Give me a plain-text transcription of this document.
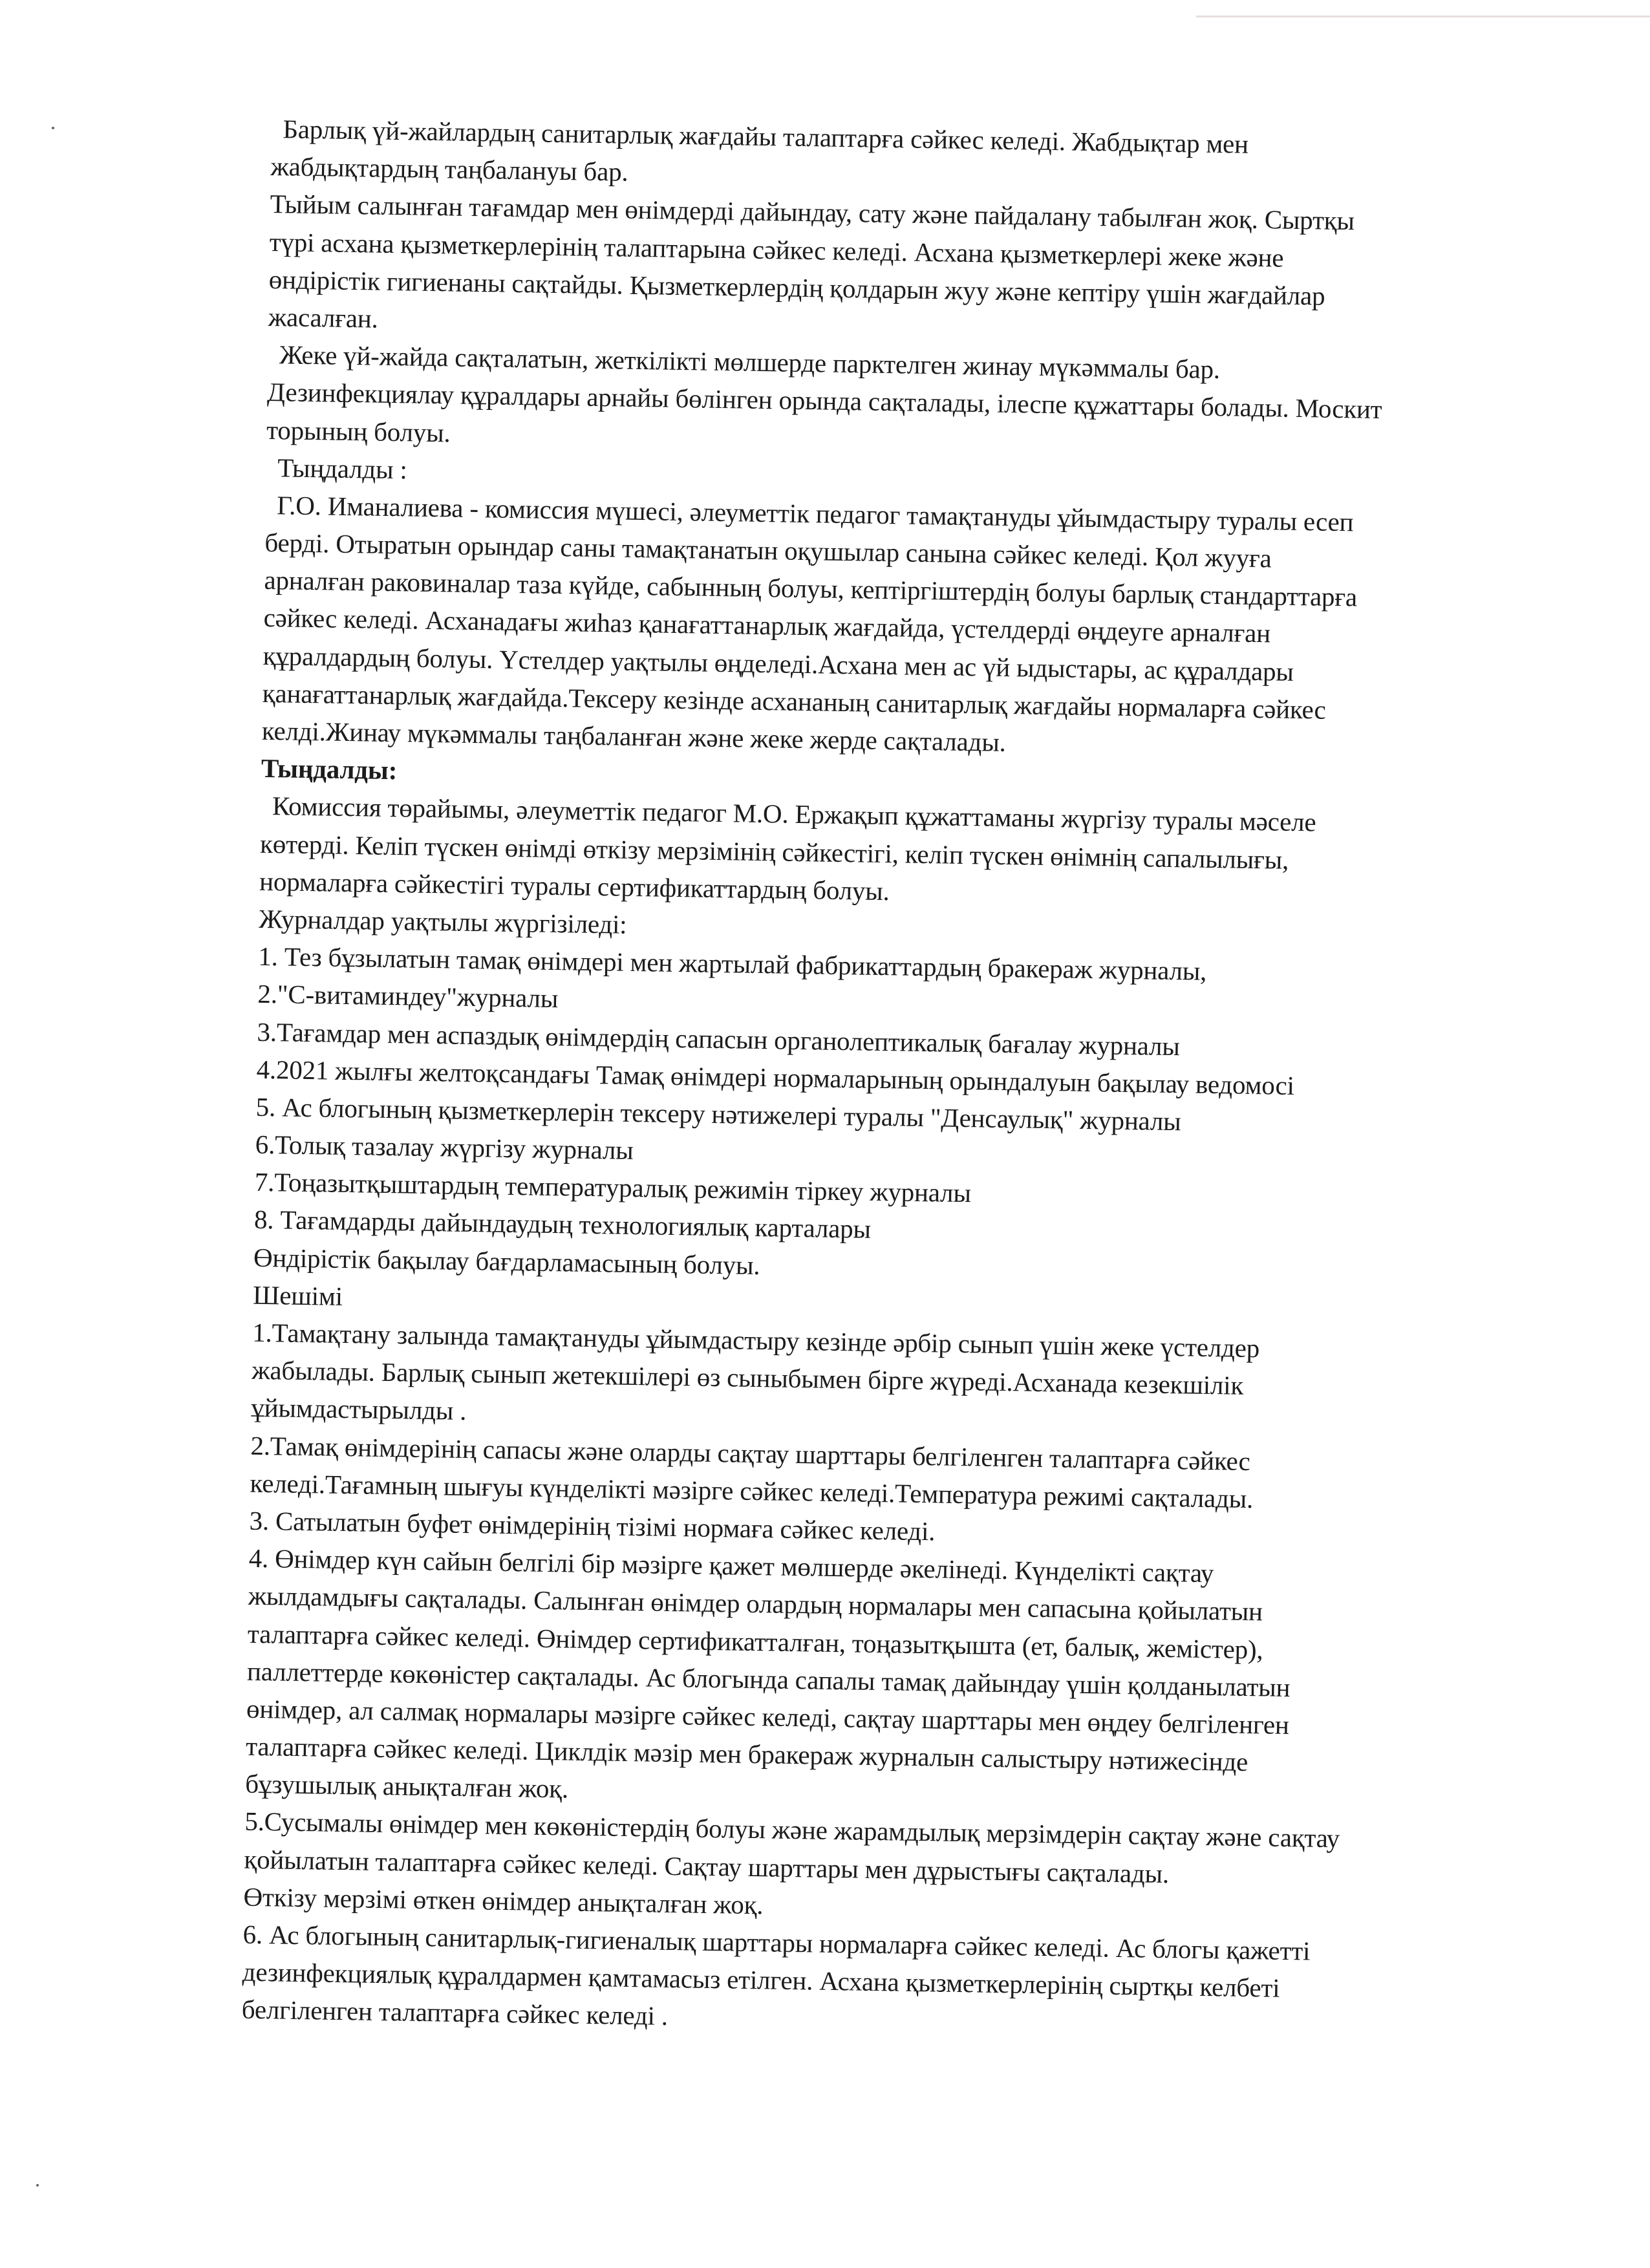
Барлық үй-жайлардың санитарлық жағдайы талаптарға сәйкес келеді. Жабдықтар мен
жабдықтардың таңбалануы бар.
Тыйым салынған тағамдар мен өнімдерді дайындау, сату және пайдалану табылған жоқ. Сыртқы
түрі асхана қызметкерлерінің талаптарына сәйкес келеді. Асхана қызметкерлері жеке және
өндірістік гигиенаны сақтайды. Қызметкерлердің қолдарын жуу және кептіру үшін жағдайлар
жасалған.
Жеке үй-жайда сақталатын, жеткілікті мөлшерде парктелген жинау мүкәммалы бар.
Дезинфекциялау құралдары арнайы бөлінген орында сақталады, ілеспе құжаттары болады. Москит
торының болуы.
Тыңдалды :
Г.О. Иманалиева - комиссия мүшесі, әлеуметтік педагог тамақтануды ұйымдастыру туралы есеп
берді. Отыратын орындар саны тамақтанатын оқушылар санына сәйкес келеді. Қол жууға
арналған раковиналар таза күйде, сабынның болуы, кептіргіштердің болуы барлық стандарттарға
сәйкес келеді. Асханадағы жиһаз қанағаттанарлық жағдайда, үстелдерді өңдеуге арналған
құралдардың болуы. Үстелдер уақтылы өңделеді.Асхана мен ас үй ыдыстары, ас құралдары
қанағаттанарлық жағдайда.Тексеру кезінде асхананың санитарлық жағдайы нормаларға сәйкес
келді.Жинау мүкәммалы таңбаланған және жеке жерде сақталады.
Тыңдалды:
Комиссия төрайымы, әлеуметтік педагог М.О. Ержақып құжаттаманы жүргізу туралы мәселе
көтерді. Келіп түскен өнімді өткізу мерзімінің сәйкестігі, келіп түскен өнімнің сапалылығы,
нормаларға сәйкестігі туралы сертификаттардың болуы.
Журналдар уақтылы жүргізіледі:
1. Тез бұзылатын тамақ өнімдері мен жартылай фабрикаттардың бракераж журналы,
2."С-витаминдеу"журналы
3.Тағамдар мен аспаздық өнімдердің сапасын органолептикалық бағалау журналы
4.2021 жылғы желтоқсандағы Тамақ өнімдері нормаларының орындалуын бақылау ведомосі
5. Ас блогының қызметкерлерін тексеру нәтижелері туралы "Денсаулық" журналы
6.Толық тазалау жүргізу журналы
7.Тоңазытқыштардың температуралық режимін тіркеу журналы
8. Тағамдарды дайындаудың технологиялық карталары
Өндірістік бақылау бағдарламасының болуы.
Шешімі
1.Тамақтану залында тамақтануды ұйымдастыру кезінде әрбір сынып үшін жеке үстелдер
жабылады. Барлық сынып жетекшілері өз сыныбымен бірге жүреді.Асханада кезекшілік
ұйымдастырылды .
2.Тамақ өнімдерінің сапасы және оларды сақтау шарттары белгіленген талаптарға сәйкес
келеді.Тағамның шығуы күнделікті мәзірге сәйкес келеді.Температура режимі сақталады.
3. Сатылатын буфет өнімдерінің тізімі нормаға сәйкес келеді.
4. Өнімдер күн сайын белгілі бір мәзірге қажет мөлшерде әкелінеді. Күнделікті сақтау
жылдамдығы сақталады. Салынған өнімдер олардың нормалары мен сапасына қойылатын
талаптарға сәйкес келеді. Өнімдер сертификатталған, тоңазытқышта (ет, балық, жемістер),
паллеттерде көкөністер сақталады. Ас блогында сапалы тамақ дайындау үшін қолданылатын
өнімдер, ал салмақ нормалары мәзірге сәйкес келеді, сақтау шарттары мен өңдеу белгіленген
талаптарға сәйкес келеді. Циклдік мәзір мен бракераж журналын салыстыру нәтижесінде
бұзушылық анықталған жоқ.
5.Сусымалы өнімдер мен көкөністердің болуы және жарамдылық мерзімдерін сақтау және сақтау
қойылатын талаптарға сәйкес келеді. Сақтау шарттары мен дұрыстығы сақталады.
Өткізу мерзімі өткен өнімдер анықталған жоқ.
6. Ас блогының санитарлық-гигиеналық шарттары нормаларға сәйкес келеді. Ас блогы қажетті
дезинфекциялық құралдармен қамтамасыз етілген. Асхана қызметкерлерінің сыртқы келбеті
белгіленген талаптарға сәйкес келеді .
